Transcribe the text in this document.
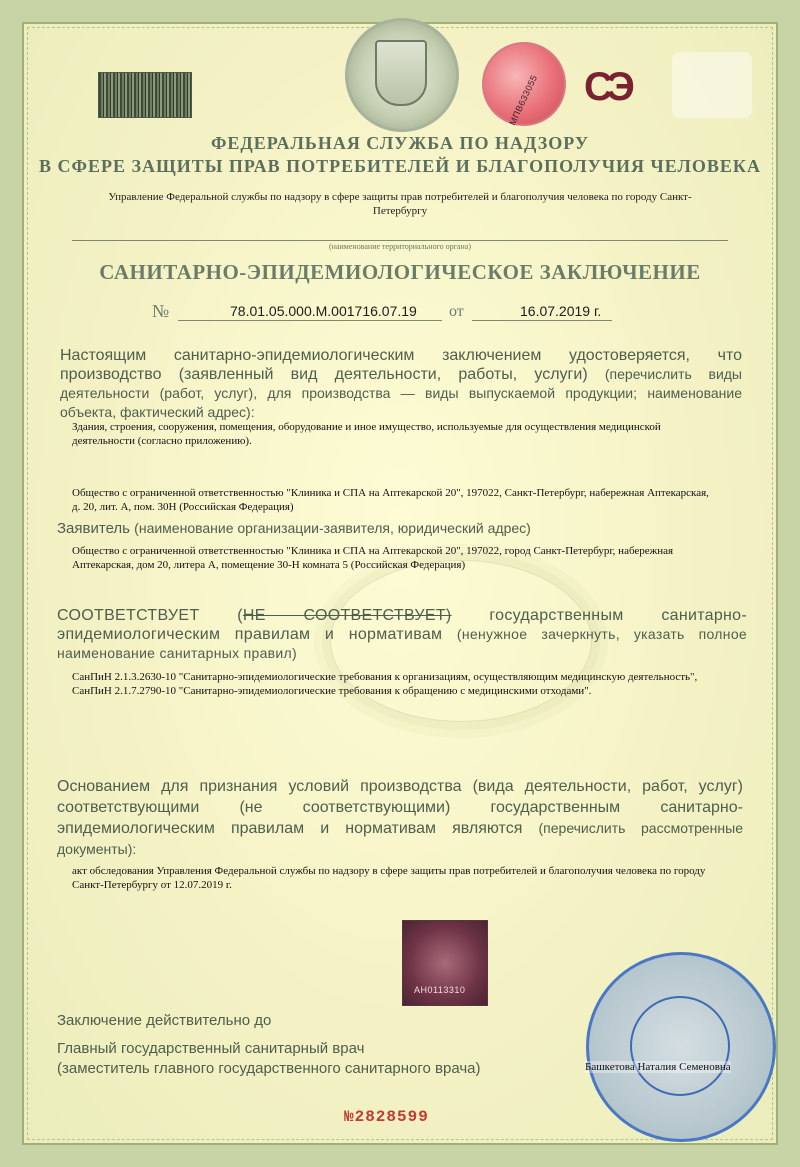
МПВ633055 СЭ
ФЕДЕРАЛЬНАЯ СЛУЖБА ПО НАДЗОРУ
В СФЕРЕ ЗАЩИТЫ ПРАВ ПОТРЕБИТЕЛЕЙ И БЛАГОПОЛУЧИЯ ЧЕЛОВЕКА
Управление Федеральной службы по надзору в сфере защиты прав потребителей и благополучия человека по городу Санкт-Петербургу
(наименование территориального органа)
САНИТАРНО-ЭПИДЕМИОЛОГИЧЕСКОЕ ЗАКЛЮЧЕНИЕ
№	78.01.05.000.М.001716.07.19 от	16.07.2019 г.
Настоящим санитарно-эпидемиологическим заключением удостоверяется, что производство (заявленный вид деятельности, работы, услуги) (перечислить виды деятельности (работ, услуг), для производства — виды выпускаемой продукции; наименование объекта, фактический адрес):
Здания, строения, сооружения, помещения, оборудование и иное имущество, используемые для осуществления медицинской деятельности (согласно приложению).
Общество с ограниченной ответственностью "Клиника и СПА на Аптекарской 20", 197022, Санкт-Петербург, набережная Аптекарская, д. 20, лит. А, пом. 30Н (Российская Федерация)
Заявитель (наименование организации-заявителя, юридический адрес)
Общество с ограниченной ответственностью "Клиника и СПА на Аптекарской 20", 197022, город Санкт-Петербург, набережная Аптекарская, дом 20, литера А, помещение 30-Н комната 5 (Российская Федерация)
СООТВЕТСТВУЕТ (НЕ СООТВЕТСТВУЕТ) государственным санитарно-эпидемиологическим правилам и нормативам (ненужное зачеркнуть, указать полное наименование санитарных правил)
СанПиН 2.1.3.2630-10 "Санитарно-эпидемиологические требования к организациям, осуществляющим медицинскую деятельность", СанПиН 2.1.7.2790-10 "Санитарно-эпидемиологические требования к обращению с медицинскими отходами".
Основанием для признания условий производства (вида деятельности, работ, услуг) соответствующими (не соответствующими) государственным санитарно-эпидемиологическим правилам и нормативам являются (перечислить рассмотренные документы):
акт обследования Управления Федеральной службы по надзору в сфере защиты прав потребителей и благополучия человека по городу Санкт-Петербургу от 12.07.2019 г.
АН0113310
Заключение действительно до
Главный государственный санитарный врач
(заместитель главного государственного санитарного врача)	Башкетова Наталия Семеновна
№2828599
